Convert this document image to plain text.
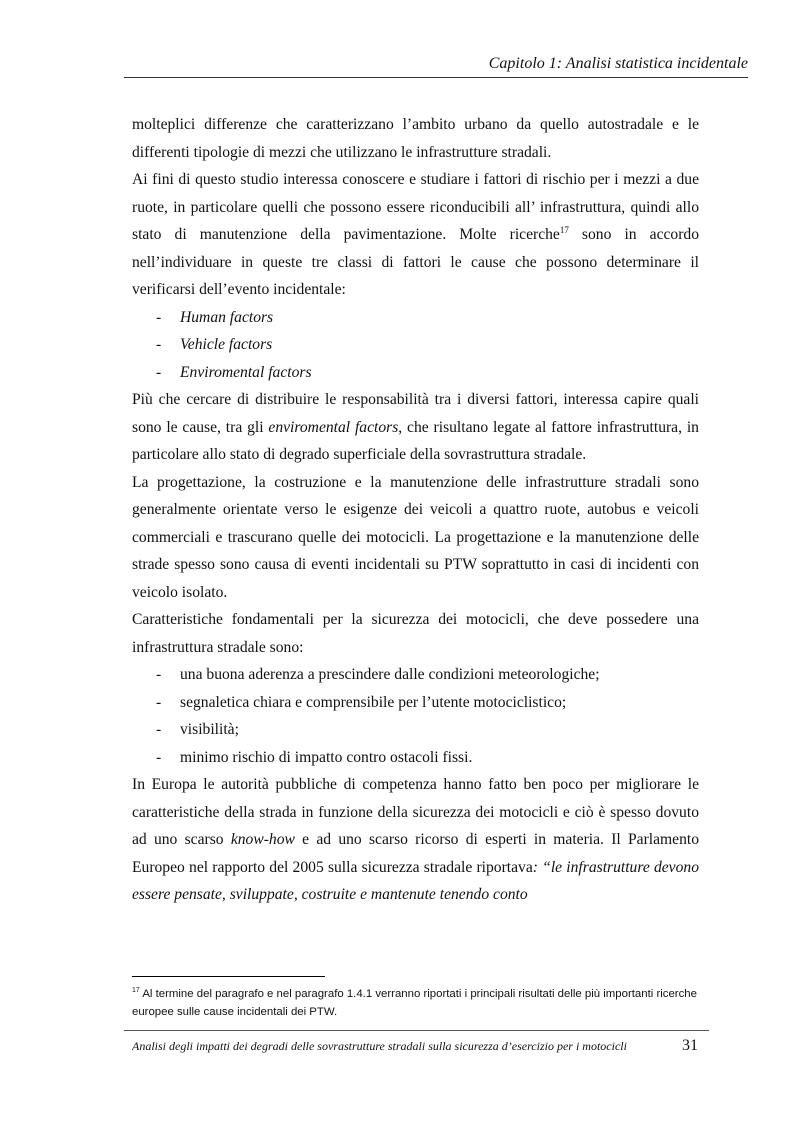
Capitolo 1: Analisi statistica incidentale

molteplici differenze che caratterizzano l’ambito urbano da quello autostradale e le differenti tipologie di mezzi che utilizzano le infrastrutture stradali.

Ai fini di questo studio interessa conoscere e studiare i fattori di rischio per i mezzi a due ruote, in particolare quelli che possono essere riconducibili all’ infrastruttura, quindi allo stato di manutenzione della pavimentazione. Molte ricerche$^{17}$ sono in accordo nell’individuare in queste tre classi di fattori le cause che possono determinare il verificarsi dell’evento incidentale:

- Human factors
- Vehicle factors
- Enviromental factors

Più che cercare di distribuire le responsabilità tra i diversi fattori, interessa capire quali sono le cause, tra gli enviromental factors, che risultano legate al fattore infrastruttura, in particolare allo stato di degrado superficiale della sovrastruttura stradale.

La progettazione, la costruzione e la manutenzione delle infrastrutture stradali sono generalmente orientate verso le esigenze dei veicoli a quattro ruote, autobus e veicoli commerciali e trascurano quelle dei motocicli. La progettazione e la manutenzione delle strade spesso sono causa di eventi incidentali su PTW soprattutto in casi di incidenti con veicolo isolato.

Caratteristiche fondamentali per la sicurezza dei motocicli, che deve possedere una infrastruttura stradale sono:

- una buona aderenza a prescindere dalle condizioni meteorologiche;
- segnaletica chiara e comprensibile per l’utente motociclistico;
- visibilità;
- minimo rischio di impatto contro ostacoli fissi.

In Europa le autorità pubbliche di competenza hanno fatto ben poco per migliorare le caratteristiche della strada in funzione della sicurezza dei motocicli e ciò è spesso dovuto ad uno scarso know-how e ad uno scarso ricorso di esperti in materia. Il Parlamento Europeo nel rapporto del 2005 sulla sicurezza stradale riportava: “le infrastrutture devono essere pensate, sviluppate, costruite e mantenute tenendo conto

$^{17}$ Al termine del paragrafo e nel paragrafo 1.4.1 verranno riportati i principali risultati delle più importanti ricerche europee sulle cause incidentali dei PTW.
Analisi degli impatti dei degradi delle sovrastrutture stradali sulla sicurezza d’esercizio per i motocicli	31
